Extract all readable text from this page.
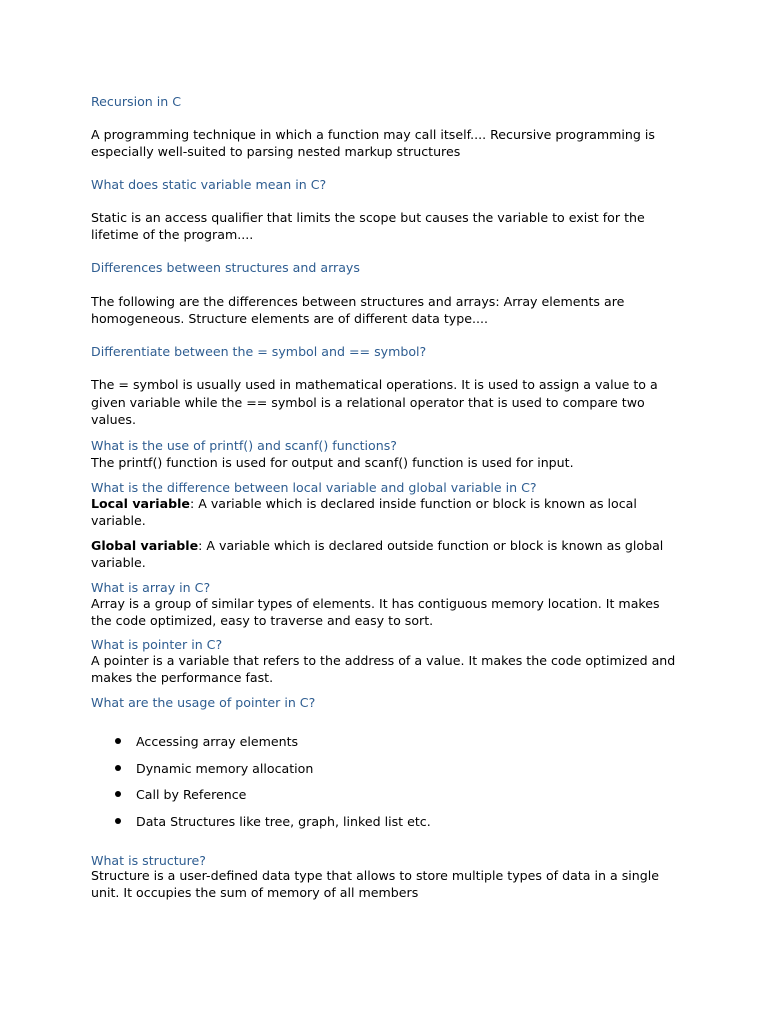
Recursion in C

A programming technique in which a function may call itself.... Recursive programming is especially well-suited to parsing nested markup structures

What does static variable mean in C?

Static is an access qualifier that limits the scope but causes the variable to exist for the lifetime of the program....

Differences between structures and arrays

The following are the differences between structures and arrays: Array elements are homogeneous. Structure elements are of different data type....

Differentiate between the = symbol and == symbol?

The = symbol is usually used in mathematical operations. It is used to assign a value to a given variable while the == symbol is a relational operator that is used to compare two values.

What is the use of printf() and scanf() functions?

The printf() function is used for output and scanf() function is used for input.

What is the difference between local variable and global variable in C?

Local variable: A variable which is declared inside function or block is known as local variable.

Global variable: A variable which is declared outside function or block is known as global variable.

What is array in C?

Array is a group of similar types of elements. It has contiguous memory location. It makes the code optimized, easy to traverse and easy to sort.

What is pointer in C?

A pointer is a variable that refers to the address of a value. It makes the code optimized and makes the performance fast.

What are the usage of pointer in C?

Accessing array elements
Dynamic memory allocation
Call by Reference
Data Structures like tree, graph, linked list etc.

What is structure?

Structure is a user-defined data type that allows to store multiple types of data in a single unit. It occupies the sum of memory of all members
